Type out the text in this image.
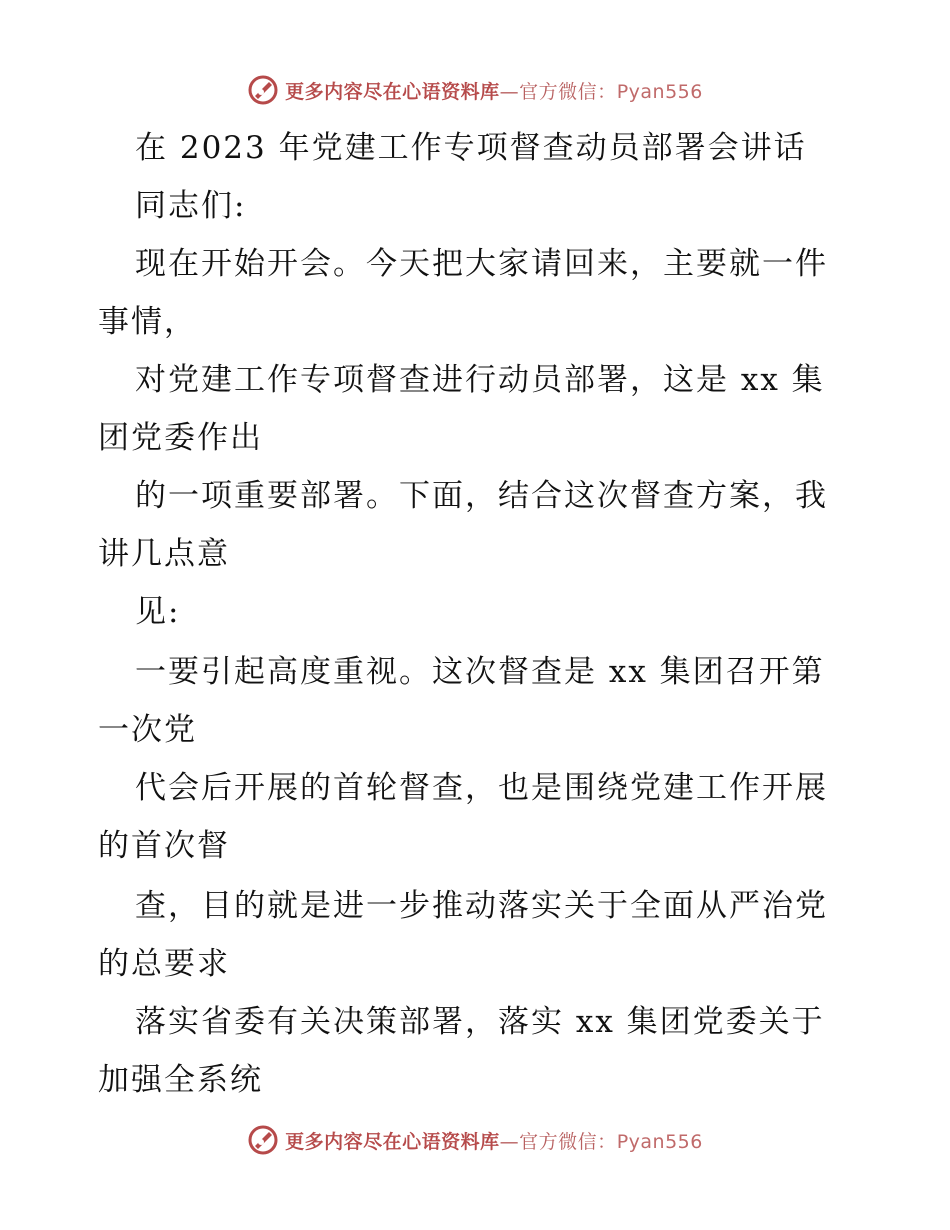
更多内容尽在心语资料库—官方微信：Pyan556
在 2023 年党建工作专项督查动员部署会讲话
同志们:
现在开始开会。今天把大家请回来，主要就一件
事情，
对党建工作专项督查进行动员部署，这是 xx 集
团党委作出
的一项重要部署。下面，结合这次督查方案，我
讲几点意
见:
一要引起高度重视。这次督查是 xx 集团召开第
一次党
代会后开展的首轮督查，也是围绕党建工作开展
的首次督
查，目的就是进一步推动落实关于全面从严治党
的总要求
落实省委有关决策部署，落实 xx 集团党委关于
加强全系统
更多内容尽在心语资料库—官方微信：Pyan556
